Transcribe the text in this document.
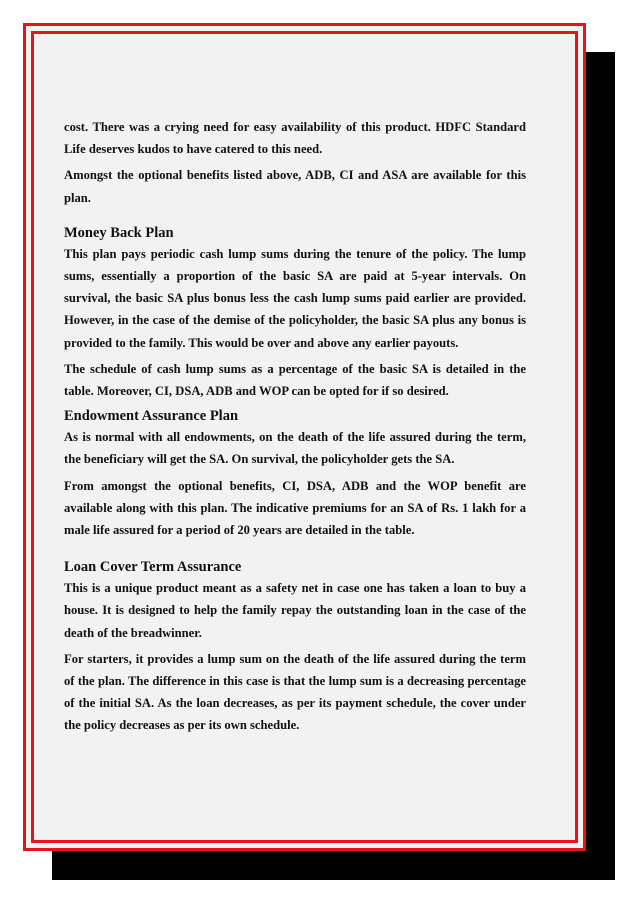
cost. There was a crying need for easy availability of this product. HDFC Standard Life deserves kudos to have catered to this need.

Amongst the optional benefits listed above, ADB, CI and ASA are available for this plan.

Money Back Plan

This plan pays periodic cash lump sums during the tenure of the policy. The lump sums, essentially a proportion of the basic SA are paid at 5-year intervals. On survival, the basic SA plus bonus less the cash lump sums paid earlier are provided. However, in the case of the demise of the policyholder, the basic SA plus any bonus is provided to the family. This would be over and above any earlier payouts.

The schedule of cash lump sums as a percentage of the basic SA is detailed in the table. Moreover, CI, DSA, ADB and WOP can be opted for if so desired.

Endowment Assurance Plan

As is normal with all endowments, on the death of the life assured during the term, the beneficiary will get the SA. On survival, the policyholder gets the SA.

From amongst the optional benefits, CI, DSA, ADB and the WOP benefit are available along with this plan. The indicative premiums for an SA of Rs. 1 lakh for a male life assured for a period of 20 years are detailed in the table.

Loan Cover Term Assurance

This is a unique product meant as a safety net in case one has taken a loan to buy a house. It is designed to help the family repay the outstanding loan in the case of the death of the breadwinner.

For starters, it provides a lump sum on the death of the life assured during the term of the plan. The difference in this case is that the lump sum is a decreasing percentage of the initial SA. As the loan decreases, as per its payment schedule, the cover under the policy decreases as per its own schedule.
